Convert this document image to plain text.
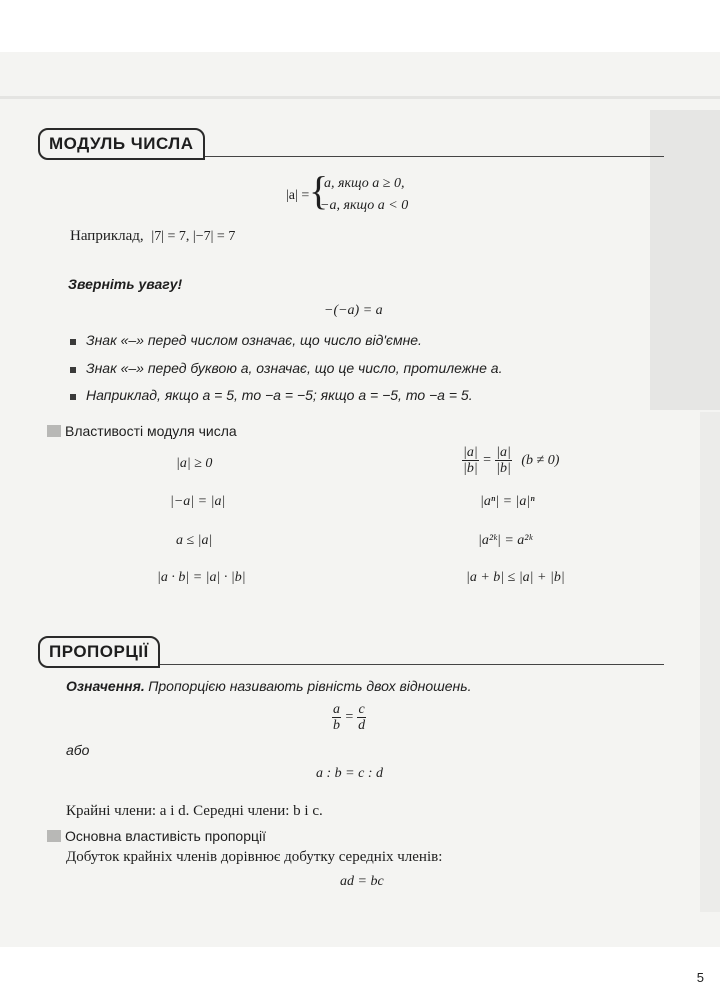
МОДУЛЬ ЧИСЛА
|a| = {
a, якщо a ≥ 0,
−a, якщо a < 0
Наприклад, |7| = 7, |−7| = 7
Зверніть увагу!
−(−a) = a
Знак «–» перед числом означає, що число від'ємне.
Знак «–» перед буквою a, означає, що це число, протилежне a.
Наприклад, якщо a = 5, то −a = −5; якщо a = −5, то −a = 5.
Властивості модуля числа
|a| ≥ 0
|−a| = |a|
a ≤ |a|
|a · b| = |a| · |b|
$\frac{|a|}{|b|} = \frac{|a|}{|b|} (b \ne 0)$
|aⁿ| = |a|ⁿ
|a²ᵏ| = a²ᵏ
|a + b| ≤ |a| + |b|
ПРОПОРЦІЇ
Означення. Пропорцією називають рівність двох відношень.
$\frac{a}{b} = \frac{c}{d}$
або
a : b = c : d
Крайні члени: a і d. Середні члени: b і c.
Основна властивість пропорції
Добуток крайніх членів дорівнює добутку середніх членів:
ad = bc
5
